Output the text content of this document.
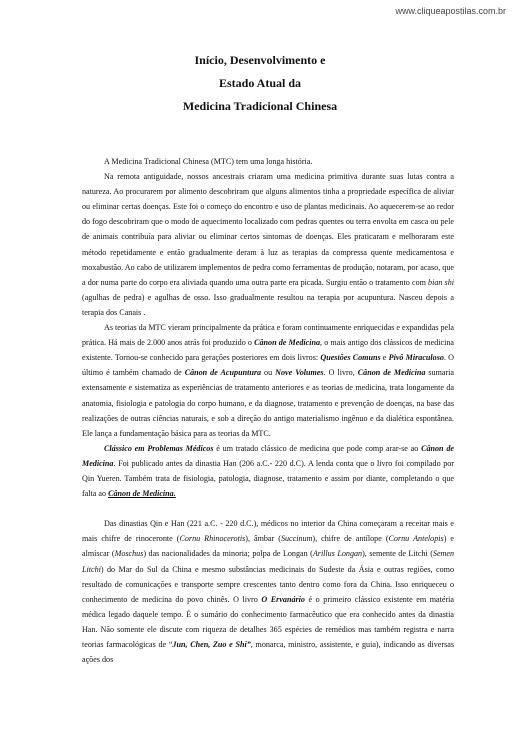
www.cliqueapostilas.com.br
Início, Desenvolvimento e
Estado Atual da
Medicina Tradicional Chinesa

A Medicina Tradicional Chinesa (MTC) tem uma longa história.

Na remota antiguidade, nossos ancestrais criaram uma medicina primitiva durante suas lutas contra a natureza. Ao procurarem por alimento descobriram que alguns alimentos tinha a propriedade específica de aliviar ou eliminar certas doenças. Este foi o começo do encontro e uso de plantas medicinais. Ao aquecerem-se ao redor do fogo descobriram que o modo de aquecimento localizado com pedras quentes ou terra envolta em casca ou pele de animais contribuía para aliviar ou eliminar certos sintomas de doenças. Eles praticaram e melhoraram este método repetidamente e então gradualmente deram à luz as terapias da compressa quente medicamentosa e moxabustão. Ao cabo de utilizarem implementos de pedra como ferramentas de produção, notaram, por acaso, que a dor numa parte do corpo era aliviada quando uma outra parte era picada. Surgiu então o tratamento com bian shi (agulhas de pedra) e agulhas de osso. Isso gradualmente resultou na terapia por acupuntura. Nasceu depois a terapia dos Canais .

As teorias da MTC vieram principalmente da prática e foram continuamente enriquecidas e expandidas pela prática. Há mais de 2.000 anos atrás foi produzido o Cânon de Medicina, o mais antigo dos clássicos de medicina existente. Tornou-se conhecido para gerações posteriores em dois livros: Questões Comuns e Pivô Miraculoso. O último é também chamado de Cânon de Acupuntura ou Nove Volumes. O livro, Cânon de Medicina sumaria extensamente e sistematiza as experiências de tratamento anteriores e as teorias de medicina, trata longamente da anatomia, fisiologia e patologia do corpo humano, e da diagnose, tratamento e prevenção de doenças, na base das realizações de outras ciências naturais, e sob a direção do antigo materialismo ingênuo e da dialética espontânea. Ele lança a fundamentação básica para as teorias da MTC.

Clássico em Problemas Médicos é um tratado clássico de medicina que pode comp arar-se ao Cânon de Medicina. Foi publicado antes da dinastia Han (206 a.C.- 220 d.C). A lenda conta que o livro foi compilado por Qin Yueren. Também trata de fisiologia, patologia, diagnose, tratamento e assim por diante, completando o que falta ao Cânon de Medicina.

Das dinastias Qin e Han (221 a.C. - 220 d.C.), médicos no interior da China começaram a receitar mais e mais chifre de rinoceronte (Cornu Rhinocerotis), âmbar (Succinum), chifre de antílope (Cornu Antelopis) e almíscar (Moschus) das nacionalidades da minoria; polpa de Longan (Arillus Longan), semente de Litchi (Semen Litchi) do Mar do Sul da China e mesmo substâncias medicinais do Sudeste da Ásia e outras regiões, como resultado de comunicações e transporte sempre crescentes tanto dentro como fora da China. Isso enriqueceu o conhecimento de medicina do povo chinês. O livro O Ervanário é o primeiro clássico existente em matéria médica legado daquele tempo. É o sumário do conhecimento farmacêutico que era conhecido antes da dinastia Han. Não somente ele discute com riqueza de detalhes 365 espécies de remédios mas também registra e narra teorias farmacológicas de “Jun, Chen, Zuo e Shi”, monarca, ministro, assistente, e guia), indicando as diversas ações dos
